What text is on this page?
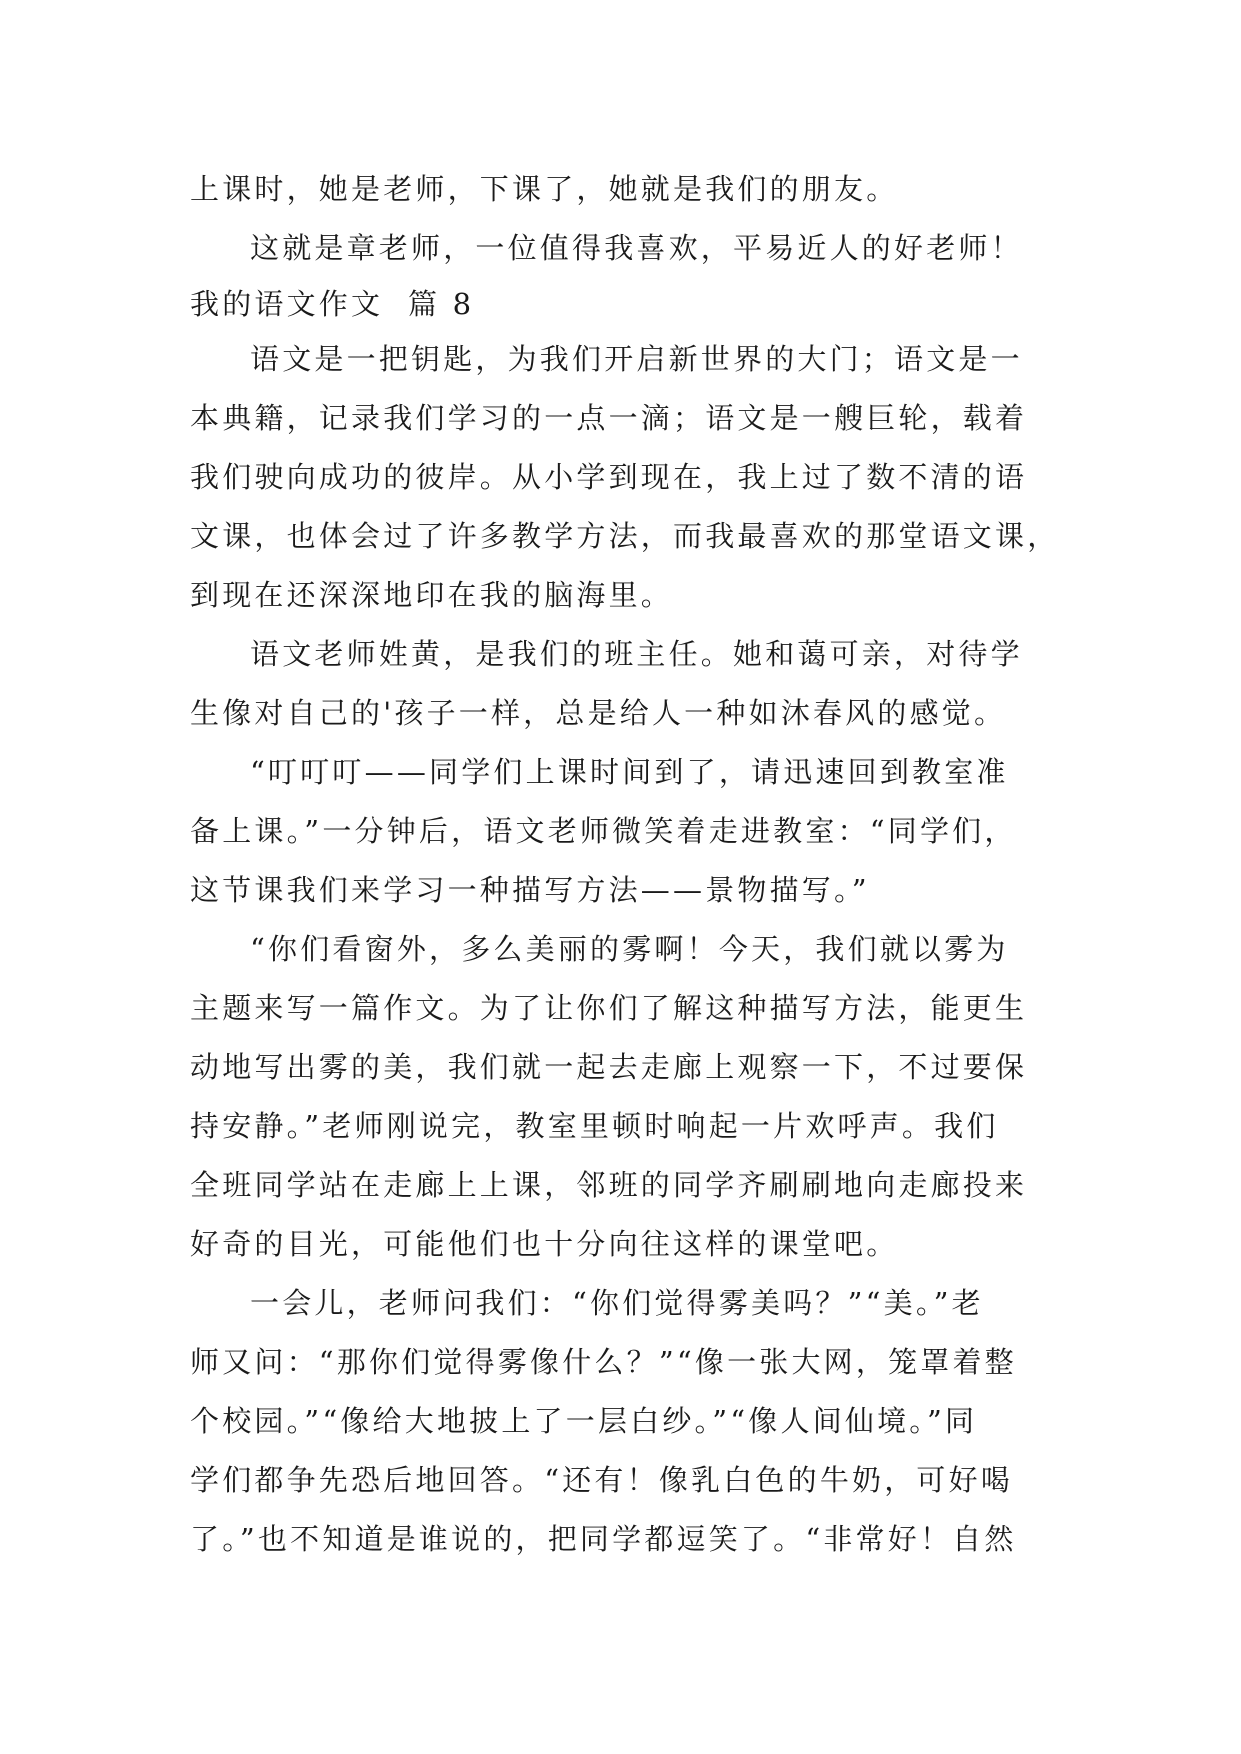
上课时，她是老师，下课了，她就是我们的朋友。

这就是章老师，一位值得我喜欢，平易近人的好老师！

我的语文作文  篇 8

语文是一把钥匙，为我们开启新世界的大门；语文是一
本典籍，记录我们学习的一点一滴；语文是一艘巨轮，载着
我们驶向成功的彼岸。从小学到现在，我上过了数不清的语
文课，也体会过了许多教学方法，而我最喜欢的那堂语文课，
到现在还深深地印在我的脑海里。

语文老师姓黄，是我们的班主任。她和蔼可亲，对待学
生像对自己的'孩子一样，总是给人一种如沐春风的感觉。

“叮叮叮——同学们上课时间到了，请迅速回到教室准
备上课。”一分钟后，语文老师微笑着走进教室：“同学们，
这节课我们来学习一种描写方法——景物描写。”

“你们看窗外，多么美丽的雾啊！今天，我们就以雾为
主题来写一篇作文。为了让你们了解这种描写方法，能更生
动地写出雾的美，我们就一起去走廊上观察一下，不过要保
持安静。”老师刚说完，教室里顿时响起一片欢呼声。我们
全班同学站在走廊上上课，邻班的同学齐刷刷地向走廊投来
好奇的目光，可能他们也十分向往这样的课堂吧。

一会儿，老师问我们：“你们觉得雾美吗？”“美。”老
师又问：“那你们觉得雾像什么？”“像一张大网，笼罩着整
个校园。”“像给大地披上了一层白纱。”“像人间仙境。”同
学们都争先恐后地回答。“还有！像乳白色的牛奶，可好喝
了。”也不知道是谁说的，把同学都逗笑了。“非常好！自然
